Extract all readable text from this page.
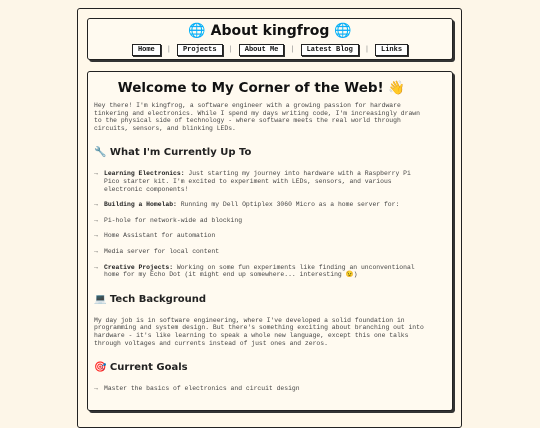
🌐 About kingfrog 🌐
Home | Projects | About Me | Latest Blog | Links
Welcome to My Corner of the Web! 👋

Hey there! I'm kingfrog, a software engineer with a growing passion for hardware tinkering and electronics. While I spend my days writing code, I'm increasingly drawn to the physical side of technology - where software meets the real world through circuits, sensors, and blinking LEDs.

🔧 What I'm Currently Up To
→ Learning Electronics: Just starting my journey into hardware with a Raspberry Pi Pico starter kit. I'm excited to experiment with LEDs, sensors, and various electronic components!
→ Building a Homelab: Running my Dell Optiplex 3060 Micro as a home server for:
→ Pi-hole for network-wide ad blocking
→ Home Assistant for automation
→ Media server for local content
→ Creative Projects: Working on some fun experiments like finding an unconventional home for my Echo Dot (it might end up somewhere... interesting 😉)
💻 Tech Background

My day job is in software engineering, where I've developed a solid foundation in programming and system design. But there's something exciting about branching out into hardware - it's like learning to speak a whole new language, except this one talks through voltages and currents instead of just ones and zeros.

🎯 Current Goals
→ Master the basics of electronics and circuit design
